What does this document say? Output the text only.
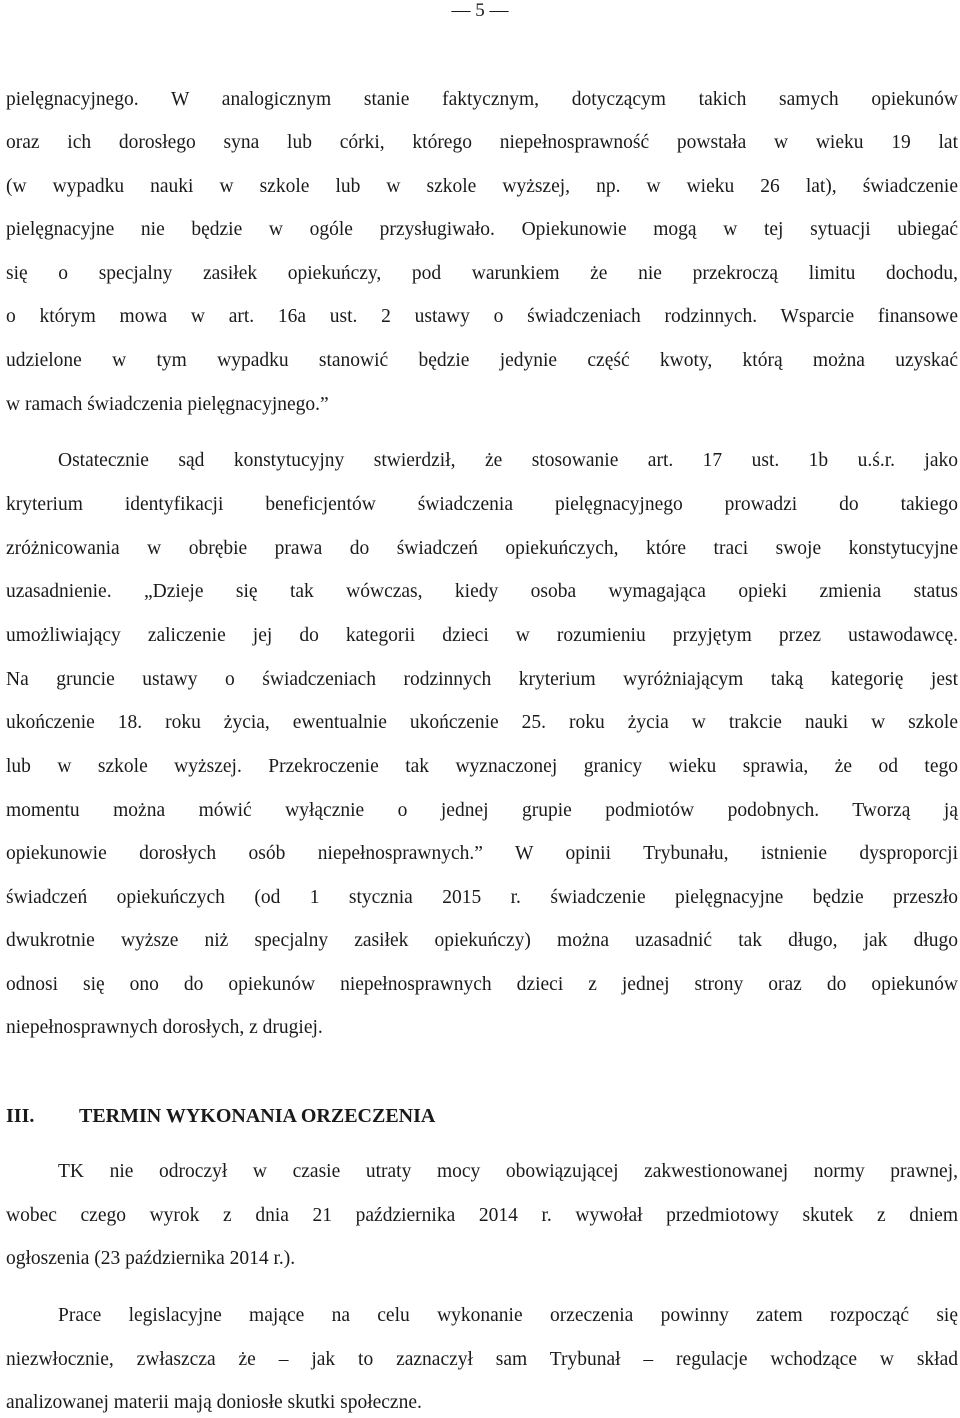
— 5 —
pielęgnacyjnego. W analogicznym stanie faktycznym, dotyczącym takich samych opiekunów
oraz ich dorosłego syna lub córki, którego niepełnosprawność powstała w wieku 19 lat
(w wypadku nauki w szkole lub w szkole wyższej, np. w wieku 26 lat), świadczenie
pielęgnacyjne nie będzie w ogóle przysługiwało. Opiekunowie mogą w tej sytuacji ubiegać
się o specjalny zasiłek opiekuńczy, pod warunkiem że nie przekroczą limitu dochodu,
o którym mowa w art. 16a ust. 2 ustawy o świadczeniach rodzinnych. Wsparcie finansowe
udzielone w tym wypadku stanowić będzie jedynie część kwoty, którą można uzyskać
w ramach świadczenia pielęgnacyjnego.”
Ostatecznie sąd konstytucyjny stwierdził, że stosowanie art. 17 ust. 1b u.ś.r. jako
kryterium identyfikacji beneficjentów świadczenia pielęgnacyjnego prowadzi do takiego
zróżnicowania w obrębie prawa do świadczeń opiekuńczych, które traci swoje konstytucyjne
uzasadnienie. „Dzieje się tak wówczas, kiedy osoba wymagająca opieki zmienia status
umożliwiający zaliczenie jej do kategorii dzieci w rozumieniu przyjętym przez ustawodawcę.
Na gruncie ustawy o świadczeniach rodzinnych kryterium wyróżniającym taką kategorię jest
ukończenie 18. roku życia, ewentualnie ukończenie 25. roku życia w trakcie nauki w szkole
lub w szkole wyższej. Przekroczenie tak wyznaczonej granicy wieku sprawia, że od tego
momentu można mówić wyłącznie o jednej grupie podmiotów podobnych. Tworzą ją
opiekunowie dorosłych osób niepełnosprawnych.” W opinii Trybunału, istnienie dysproporcji
świadczeń opiekuńczych (od 1 stycznia 2015 r. świadczenie pielęgnacyjne będzie przeszło
dwukrotnie wyższe niż specjalny zasiłek opiekuńczy) można uzasadnić tak długo, jak długo
odnosi się ono do opiekunów niepełnosprawnych dzieci z jednej strony oraz do opiekunów
niepełnosprawnych dorosłych, z drugiej.
III. TERMIN WYKONANIA ORZECZENIA
TK nie odroczył w czasie utraty mocy obowiązującej zakwestionowanej normy prawnej,
wobec czego wyrok z dnia 21 października 2014 r. wywołał przedmiotowy skutek z dniem
ogłoszenia (23 października 2014 r.).
Prace legislacyjne mające na celu wykonanie orzeczenia powinny zatem rozpocząć się
niezwłocznie, zwłaszcza że – jak to zaznaczył sam Trybunał – regulacje wchodzące w skład
analizowanej materii mają doniosłe skutki społeczne.
